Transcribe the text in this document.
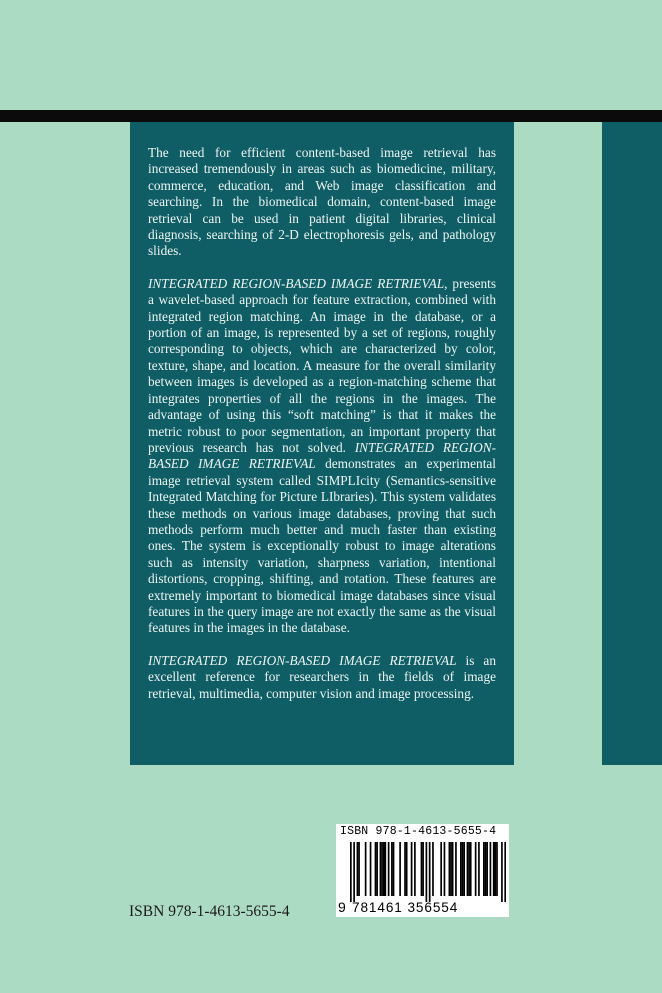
The need for efficient content-based image retrieval has increased tremendously in areas such as biomedicine, military, commerce, education, and Web image classification and searching. In the biomedical domain, content-based image retrieval can be used in patient digital libraries, clinical diagnosis, searching of 2-D electrophoresis gels, and pathology slides.

INTEGRATED REGION-BASED IMAGE RETRIEVAL, presents a wavelet-based approach for feature extraction, combined with integrated region matching. An image in the database, or a portion of an image, is represented by a set of regions, roughly corresponding to objects, which are characterized by color, texture, shape, and location. A measure for the overall similarity between images is developed as a region-matching scheme that integrates properties of all the regions in the images. The advantage of using this “soft matching” is that it makes the metric robust to poor segmentation, an important property that previous research has not solved. INTEGRATED REGION-BASED IMAGE RETRIEVAL demonstrates an experimental image retrieval system called SIMPLIcity (Semantics-sensitive Integrated Matching for Picture LIbraries). This system validates these methods on various image databases, proving that such methods perform much better and much faster than existing ones. The system is exceptionally robust to image alterations such as intensity variation, sharpness variation, intentional distortions, cropping, shifting, and rotation. These features are extremely important to biomedical image databases since visual features in the query image are not exactly the same as the visual features in the images in the database.

INTEGRATED REGION-BASED IMAGE RETRIEVAL is an excellent reference for researchers in the fields of image retrieval, multimedia, computer vision and image processing.

ISBN 978-1-4613-5655-4
ISBN 978-1-4613-5655-4
9 781461 356554
